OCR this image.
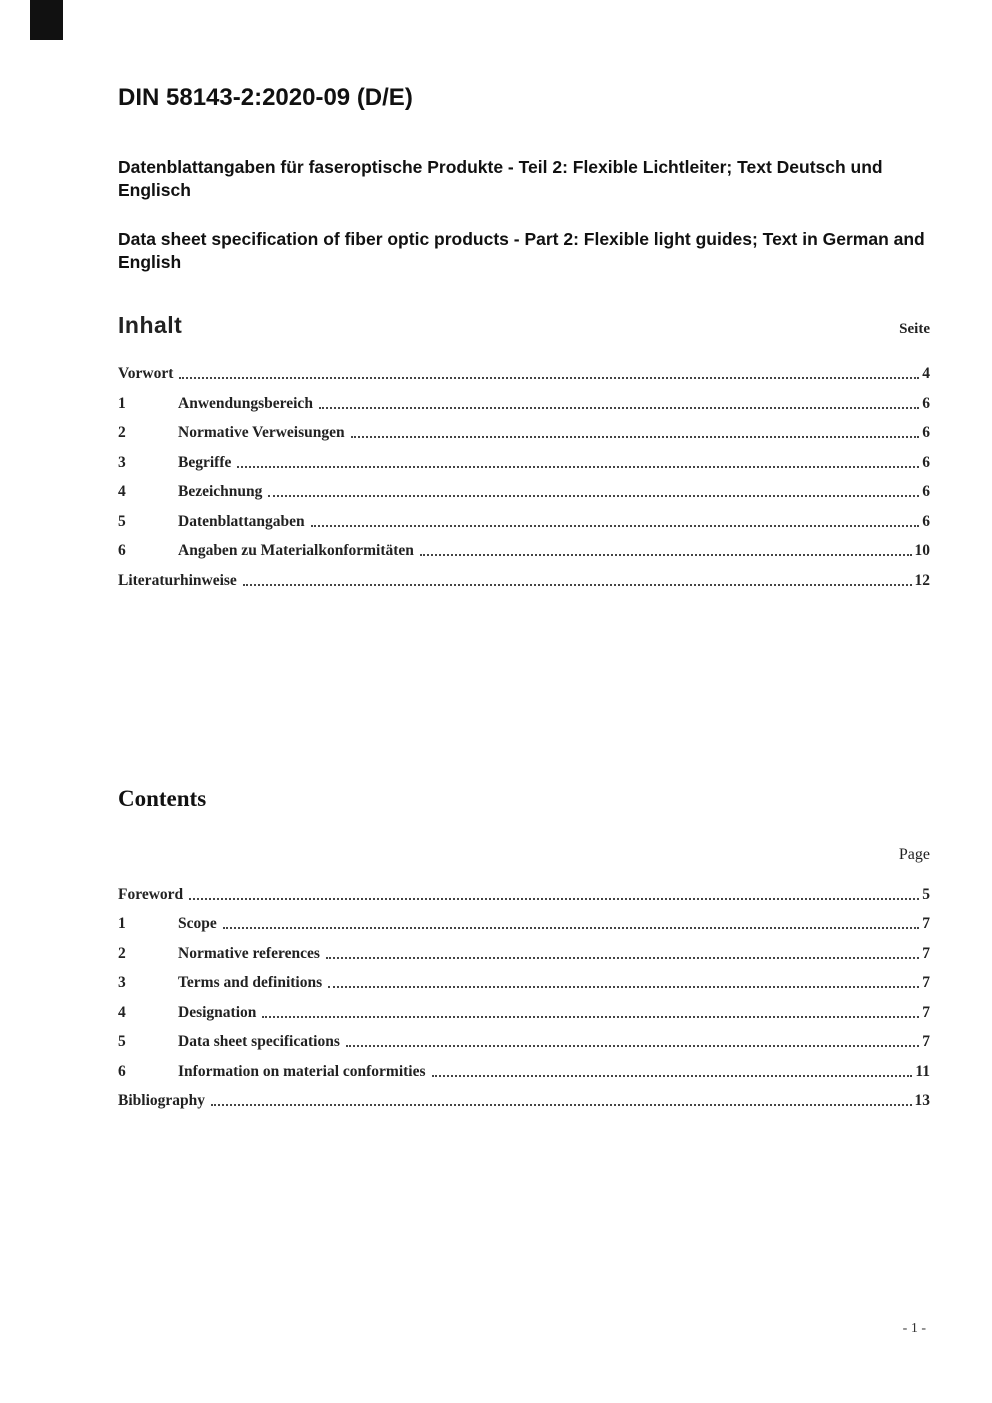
DIN 58143-2:2020-09 (D/E)

Datenblattangaben für faseroptische Produkte - Teil 2: Flexible Lichtleiter; Text Deutsch und Englisch

Data sheet specification of fiber optic products - Part 2: Flexible light guides; Text in German and English

Inhalt	Seite
Vorwort	4
1	Anwendungsbereich	6
2	Normative Verweisungen	6
3	Begriffe	6
4	Bezeichnung	6
5	Datenblattangaben	6
6	Angaben zu Materialkonformitäten	10
Literaturhinweise	12
Contents
Page
Foreword	5
1	Scope	7
2	Normative references	7
3	Terms and definitions	7
4	Designation	7
5	Data sheet specifications	7
6	Information on material conformities	11
Bibliography	13
- 1 -
